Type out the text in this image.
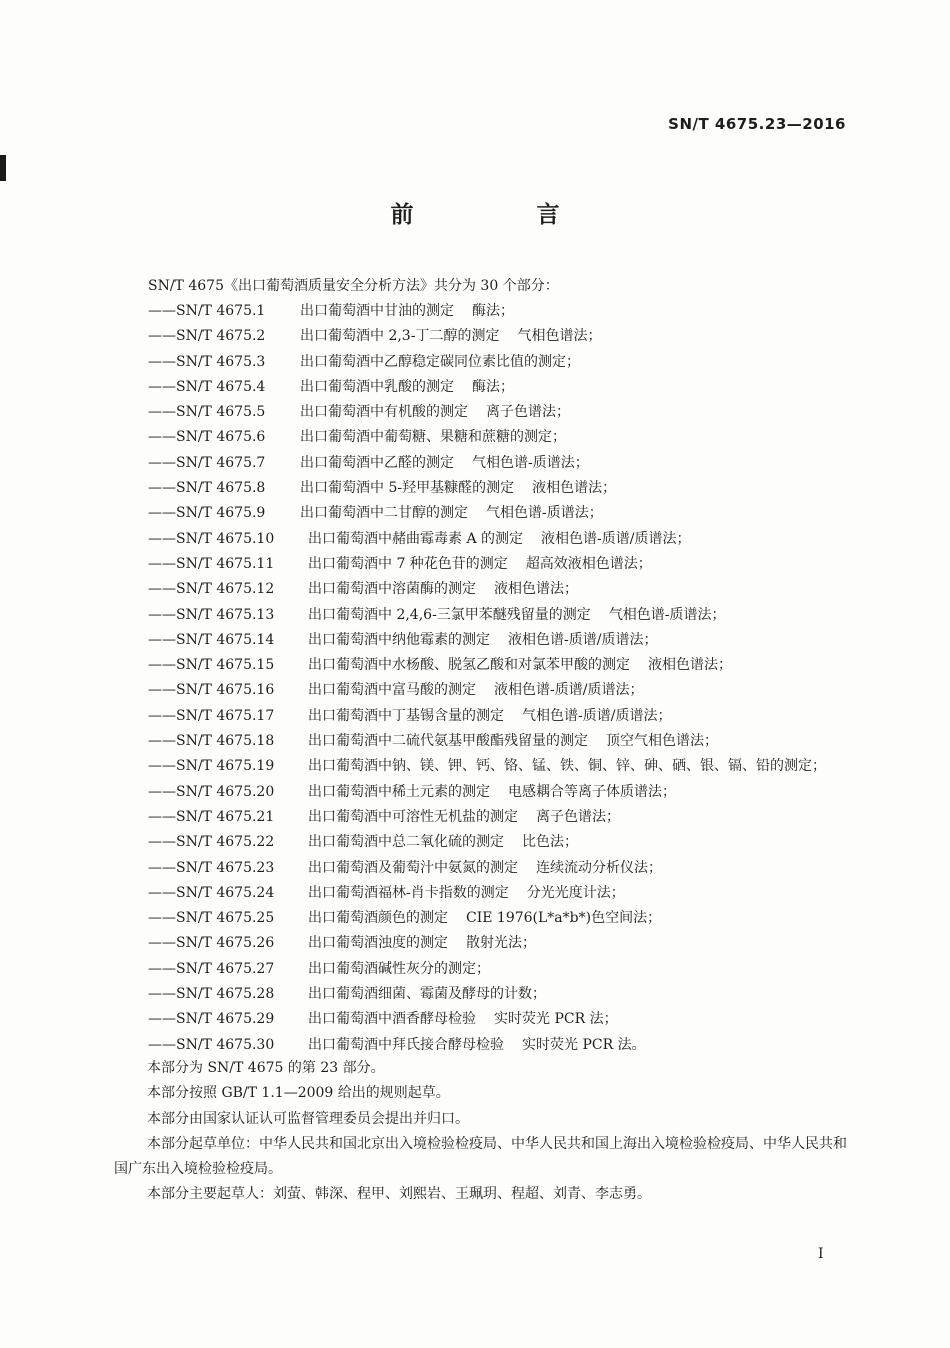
SN/T 4675.23—2016
前　言
SN/T 4675《出口葡萄酒质量安全分析方法》共分为 30 个部分：
——SN/T 4675.1	出口葡萄酒中甘油的测定 酶法；
——SN/T 4675.2	出口葡萄酒中 2,3-丁二醇的测定 气相色谱法；
——SN/T 4675.3	出口葡萄酒中乙醇稳定碳同位素比值的测定；
——SN/T 4675.4	出口葡萄酒中乳酸的测定 酶法；
——SN/T 4675.5	出口葡萄酒中有机酸的测定 离子色谱法；
——SN/T 4675.6	出口葡萄酒中葡萄糖、果糖和蔗糖的测定；
——SN/T 4675.7	出口葡萄酒中乙醛的测定 气相色谱-质谱法；
——SN/T 4675.8	出口葡萄酒中 5-羟甲基糠醛的测定 液相色谱法；
——SN/T 4675.9	出口葡萄酒中二甘醇的测定 气相色谱-质谱法；
——SN/T 4675.10	出口葡萄酒中赭曲霉毒素 A 的测定 液相色谱-质谱/质谱法；
——SN/T 4675.11	出口葡萄酒中 7 种花色苷的测定 超高效液相色谱法；
——SN/T 4675.12	出口葡萄酒中溶菌酶的测定 液相色谱法；
——SN/T 4675.13	出口葡萄酒中 2,4,6-三氯甲苯醚残留量的测定 气相色谱-质谱法；
——SN/T 4675.14	出口葡萄酒中纳他霉素的测定 液相色谱-质谱/质谱法；
——SN/T 4675.15	出口葡萄酒中水杨酸、脱氢乙酸和对氯苯甲酸的测定 液相色谱法；
——SN/T 4675.16	出口葡萄酒中富马酸的测定 液相色谱-质谱/质谱法；
——SN/T 4675.17	出口葡萄酒中丁基锡含量的测定 气相色谱-质谱/质谱法；
——SN/T 4675.18	出口葡萄酒中二硫代氨基甲酸酯残留量的测定 顶空气相色谱法；
——SN/T 4675.19	出口葡萄酒中钠、镁、钾、钙、铬、锰、铁、铜、锌、砷、硒、银、镉、铅的测定；
——SN/T 4675.20	出口葡萄酒中稀土元素的测定 电感耦合等离子体质谱法；
——SN/T 4675.21	出口葡萄酒中可溶性无机盐的测定 离子色谱法；
——SN/T 4675.22	出口葡萄酒中总二氧化硫的测定 比色法；
——SN/T 4675.23	出口葡萄酒及葡萄汁中氨氮的测定 连续流动分析仪法；
——SN/T 4675.24	出口葡萄酒福林-肖卡指数的测定 分光光度计法；
——SN/T 4675.25	出口葡萄酒颜色的测定 CIE 1976(L*a*b*)色空间法；
——SN/T 4675.26	出口葡萄酒浊度的测定 散射光法；
——SN/T 4675.27	出口葡萄酒碱性灰分的测定；
——SN/T 4675.28	出口葡萄酒细菌、霉菌及酵母的计数；
——SN/T 4675.29	出口葡萄酒中酒香酵母检验 实时荧光 PCR 法；
——SN/T 4675.30	出口葡萄酒中拜氏接合酵母检验 实时荧光 PCR 法。

本部分为 SN/T 4675 的第 23 部分。

本部分按照 GB/T 1.1—2009 给出的规则起草。

本部分由国家认证认可监督管理委员会提出并归口。

本部分起草单位：中华人民共和国北京出入境检验检疫局、中华人民共和国上海出入境检验检疫局、中华人民共和国广东出入境检验检疫局。

本部分主要起草人：刘萤、韩深、程甲、刘熙岩、王珮玥、程超、刘青、李志勇。

I
